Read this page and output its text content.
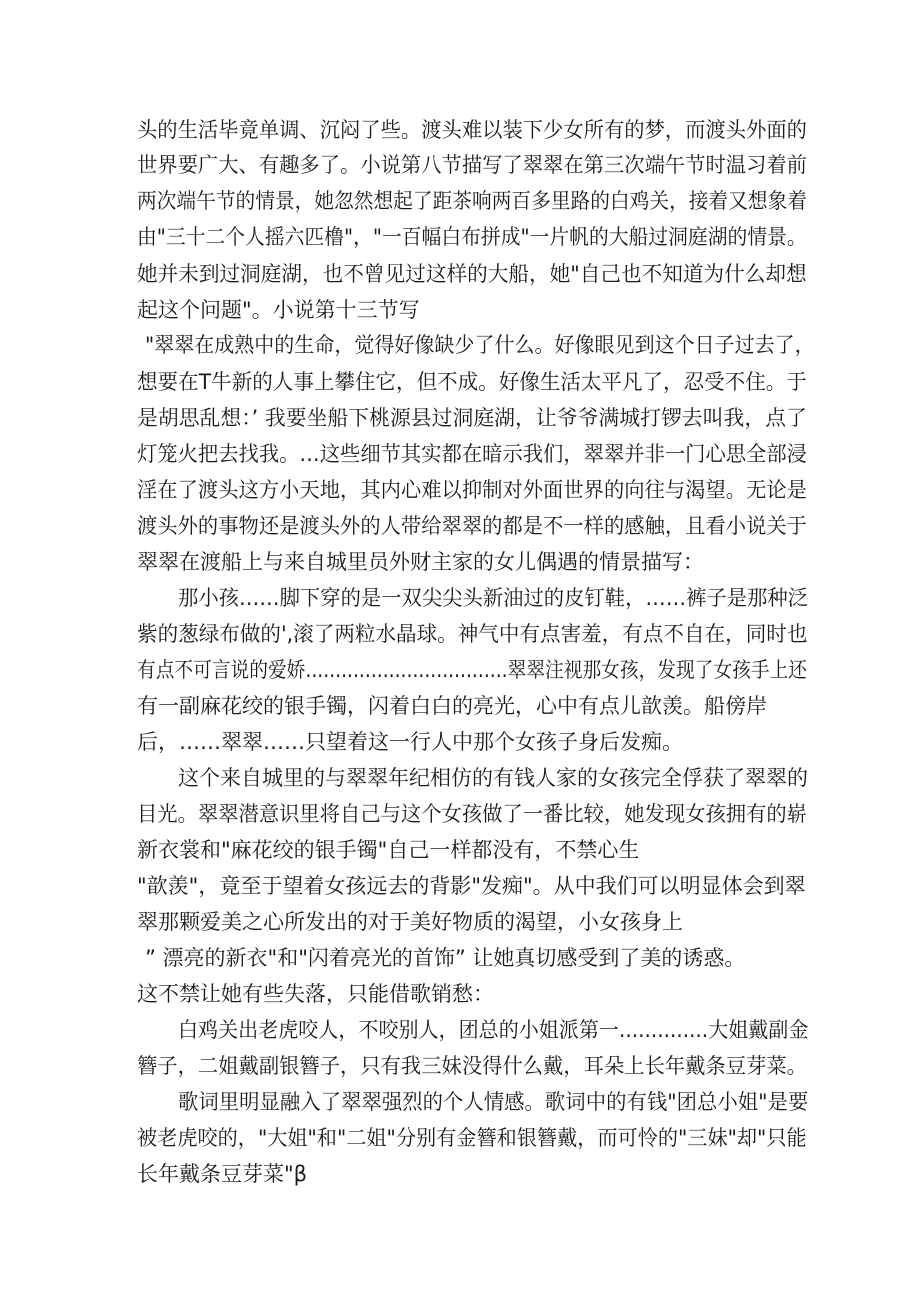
头的生活毕竟单调、沉闷了些。渡头难以装下少女所有的梦，而渡头外面的

世界要广大、有趣多了。小说第八节描写了翠翠在第三次端午节时温习着前

两次端午节的情景，她忽然想起了距茶响两百多里路的白鸡关，接着又想象着

由"三十二个人摇六匹橹"，"一百幅白布拼成"一片帆的大船过洞庭湖的情景。

她并未到过洞庭湖，也不曾见过这样的大船，她"自己也不知道为什么却想

起这个问题"。小说第十三节写

"翠翠在成熟中的生命，觉得好像缺少了什么。好像眼见到这个日子过去了，

想要在T牛新的人事上攀住它，但不成。好像生活太平凡了，忍受不住。于

是胡思乱想：’ 我要坐船下桃源县过洞庭湖，让爷爷满城打锣去叫我，点了

灯笼火把去找我。…这些细节其实都在暗示我们，翠翠并非一门心思全部浸

淫在了渡头这方小天地，其内心难以抑制对外面世界的向往与渴望。无论是

渡头外的事物还是渡头外的人带给翠翠的都是不一样的感触，且看小说关于

翠翠在渡船上与来自城里员外财主家的女儿偶遇的情景描写：

那小孩……脚下穿的是一双尖尖头新油过的皮钉鞋，……裤子是那种泛

紫的葱绿布做的',滚了两粒水晶球。神气中有点害羞，有点不自在，同时也

有点不可言说的爱娇..................................翠翠注视那女孩，发现了女孩手上还

有一副麻花绞的银手镯，闪着白白的亮光，心中有点儿歆羡。船傍岸

后，……翠翠……只望着这一行人中那个女孩子身后发痴。

这个来自城里的与翠翠年纪相仿的有钱人家的女孩完全俘获了翠翠的

目光。翠翠潜意识里将自己与这个女孩做了一番比较，她发现女孩拥有的崭

新衣裳和"麻花绞的银手镯"自己一样都没有，不禁心生

"歆羡"，竟至于望着女孩远去的背影"发痴"。从中我们可以明显体会到翠

翠那颗爱美之心所发出的对于美好物质的渴望，小女孩身上

” 漂亮的新衣"和"闪着亮光的首饰” 让她真切感受到了美的诱惑。

这不禁让她有些失落，只能借歌销愁：

白鸡关出老虎咬人，不咬别人，团总的小姐派第一..............大姐戴副金

簪子，二姐戴副银簪子，只有我三妹没得什么戴，耳朵上长年戴条豆芽菜。

歌词里明显融入了翠翠强烈的个人情感。歌词中的有钱"团总小姐"是要

被老虎咬的，"大姐"和"二姐"分别有金簪和银簪戴，而可怜的"三妹"却"只能

长年戴条豆芽菜"β
